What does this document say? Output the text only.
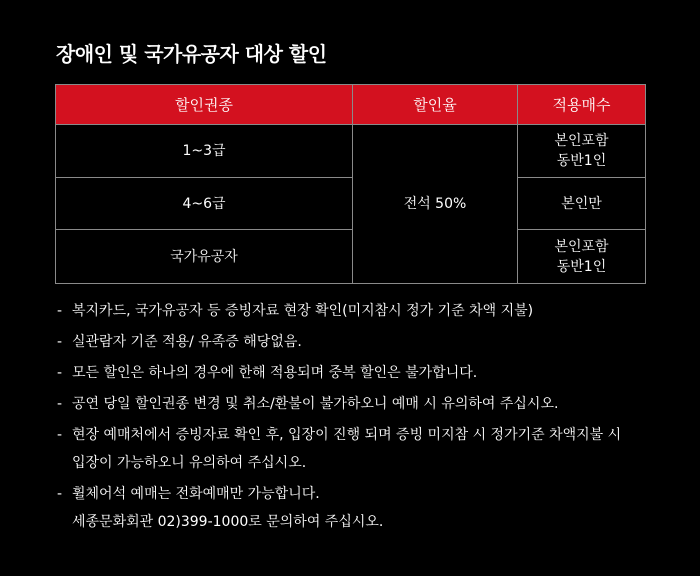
장애인 및 국가유공자 대상 할인
할인권종	할인율	적용매수
1~3급	전석 50%	본인포함
동반1인

4~6급		본인만

국가유공자		본인포함
동반1인
- 복지카드, 국가유공자 등 증빙자료 현장 확인(미지참시 정가 기준 차액 지불)
- 실관람자 기준 적용/ 유족증 해당없음.
- 모든 할인은 하나의 경우에 한해 적용되며 중복 할인은 불가합니다.
- 공연 당일 할인권종 변경 및 취소/환불이 불가하오니 예매 시 유의하여 주십시오.
- 현장 예매처에서 증빙자료 확인 후, 입장이 진행 되며 증빙 미지참 시 정가기준 차액지불 시
입장이 가능하오니 유의하여 주십시오.
- 휠체어석 예매는 전화예매만 가능합니다.
세종문화회관 02)399-1000로 문의하여 주십시오.
